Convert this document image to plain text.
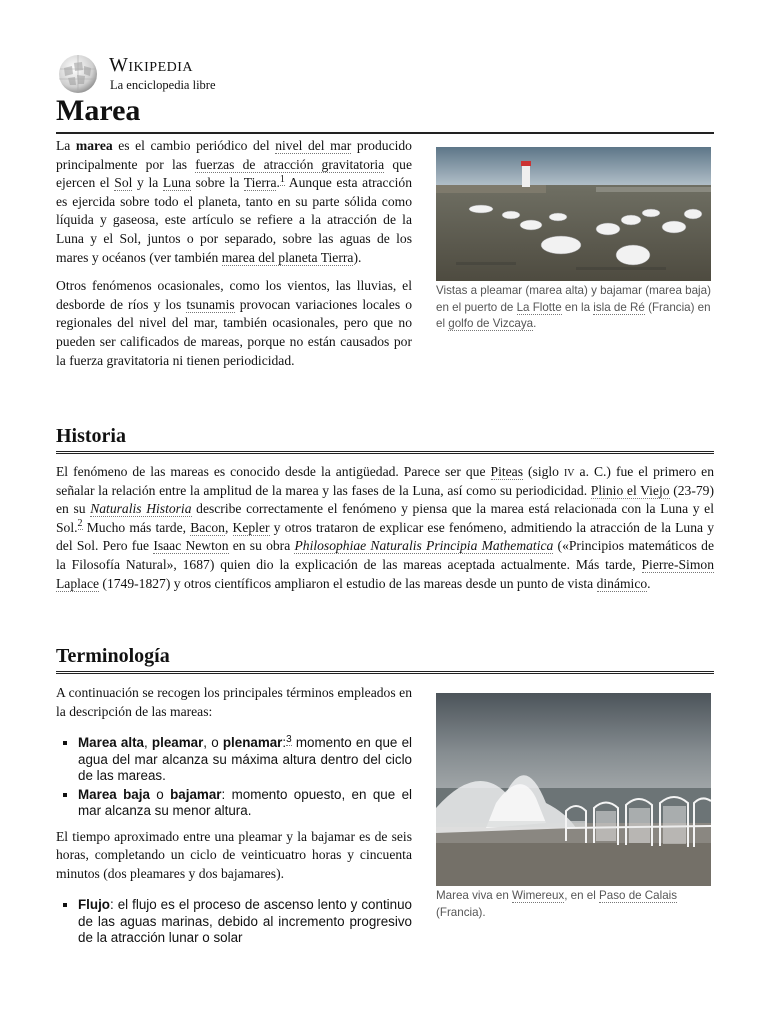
Wikipedia
La enciclopedia libre
Marea

La marea es el cambio periódico del nivel del mar producido principalmente por las fuerzas de atracción gravitatoria que ejercen el Sol y la Luna sobre la Tierra.$^1$ Aunque esta atracción es ejercida sobre todo el planeta, tanto en su parte sólida como líquida y gaseosa, este artículo se refiere a la atracción de la Luna y el Sol, juntos o por separado, sobre las aguas de los mares y océanos (ver también marea del planeta Tierra).

Otros fenómenos ocasionales, como los vientos, las lluvias, el desborde de ríos y los tsunamis provocan variaciones locales o regionales del nivel del mar, también ocasionales, pero que no pueden ser calificados de mareas, porque no están causados por la fuerza gravitatoria ni tienen periodicidad.

Vistas a pleamar (marea alta) y bajamar (marea baja) en el puerto de La Flotte en la isla de Ré (Francia) en el golfo de Vizcaya.
Historia

El fenómeno de las mareas es conocido desde la antigüedad. Parece ser que Piteas (siglo iv a. C.) fue el primero en señalar la relación entre la amplitud de la marea y las fases de la Luna, así como su periodicidad. Plinio el Viejo (23-79) en su Naturalis Historia describe correctamente el fenómeno y piensa que la marea está relacionada con la Luna y el Sol.$^2$ Mucho más tarde, Bacon, Kepler y otros trataron de explicar ese fenómeno, admitiendo la atracción de la Luna y del Sol. Pero fue Isaac Newton en su obra Philosophiae Naturalis Principia Mathematica («Principios matemáticos de la Filosofía Natural», 1687) quien dio la explicación de las mareas aceptada actualmente. Más tarde, Pierre-Simon Laplace (1749-1827) y otros científicos ampliaron el estudio de las mareas desde un punto de vista dinámico.

Terminología

A continuación se recogen los principales términos empleados en la descripción de las mareas:

▪ Marea alta, pleamar, o plenamar:$^3$ momento en que el agua del mar alcanza su máxima altura dentro del ciclo de las mareas.
▪ Marea baja o bajamar: momento opuesto, en que el mar alcanza su menor altura.

El tiempo aproximado entre una pleamar y la bajamar es de seis horas, completando un ciclo de veinticuatro horas y cincuenta minutos (dos pleamares y dos bajamares).

▪ Flujo: el flujo es el proceso de ascenso lento y continuo de las aguas marinas, debido al incremento progresivo de la atracción lunar o solar
Marea viva en Wimereux, en el Paso de Calais (Francia).
